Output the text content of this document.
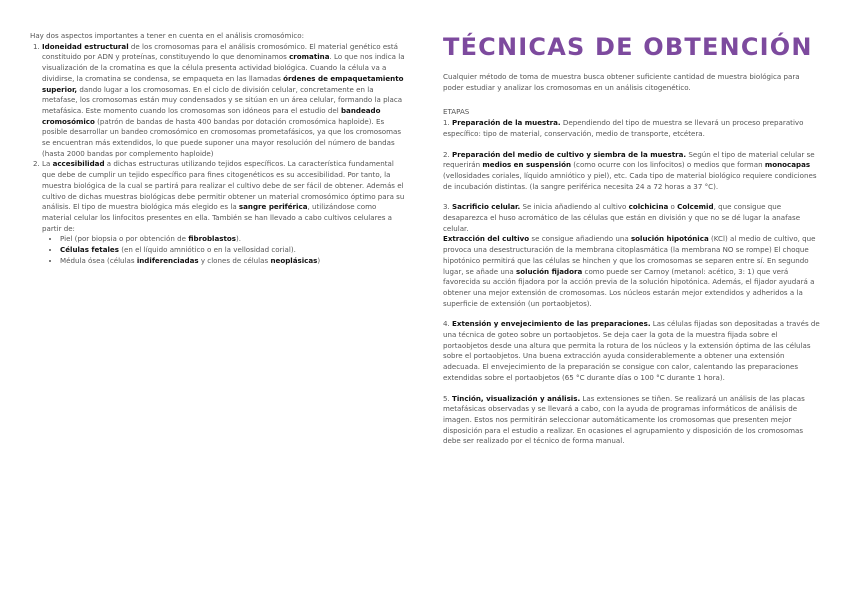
Hay dos aspectos importantes a tener en cuenta en el análisis cromosómico:

1. Idoneidad estructural de los cromosomas para el análisis cromosómico. El material genético está constituido por ADN y proteínas, constituyendo lo que denominamos cromatina. Lo que nos indica la visualización de la cromatina es que la célula presenta actividad biológica. Cuando la célula va a dividirse, la cromatina se condensa, se empaqueta en las llamadas órdenes de empaquetamiento superior, dando lugar a los cromosomas. En el ciclo de división celular, concretamente en la metafase, los cromosomas están muy condensados y se sitúan en un área celular, formando la placa metafásica. Este momento cuando los cromosomas son idóneos para el estudio del bandeado cromosómico (patrón de bandas de hasta 400 bandas por dotación cromosómica haploide). Es posible desarrollar un bandeo cromosómico en cromosomas prometafásicos, ya que los cromosomas se encuentran más extendidos, lo que puede suponer una mayor resolución del número de bandas (hasta 2000 bandas por complemento haploide)
2. La accesibilidad a dichas estructuras utilizando tejidos específicos. La característica fundamental que debe de cumplir un tejido específico para fines citogenéticos es su accesibilidad. Por tanto, la muestra biológica de la cual se partirá para realizar el cultivo debe de ser fácil de obtener. Además el cultivo de dichas muestras biológicas debe permitir obtener un material cromosómico óptimo para su análisis. El tipo de muestra biológica más elegido es la sangre periférica, utilizándose como material celular los linfocitos presentes en ella. También se han llevado a cabo cultivos celulares a partir de:
• Piel (por biopsia o por obtención de fibroblastos).
• Células fetales (en el líquido amniótico o en la vellosidad corial).
• Médula ósea (células indiferenciadas y clones de células neoplásicas)
TÉCNICAS DE OBTENCIÓN

Cualquier método de toma de muestra busca obtener suficiente cantidad de muestra biológica para poder estudiar y analizar los cromosomas en un análisis citogenético.

ETAPAS

1. Preparación de la muestra. Dependiendo del tipo de muestra se llevará un proceso preparativo específico: tipo de material, conservación, medio de transporte, etcétera.

2. Preparación del medio de cultivo y siembra de la muestra. Según el tipo de material celular se requerirán medios en suspensión (como ocurre con los linfocitos) o medios que forman monocapas (vellosidades coriales, líquido amniótico y piel), etc. Cada tipo de material biológico requiere condiciones de incubación distintas. (la sangre periférica necesita 24 a 72 horas a 37 °C).

3. Sacrificio celular. Se inicia añadiendo al cultivo colchicina o Colcemid, que consigue que desaparezca el huso acromático de las células que están en división y que no se dé lugar la anafase celular.

Extracción del cultivo se consigue añadiendo una solución hipotónica (KCl) al medio de cultivo, que provoca una desestructuración de la membrana citoplasmática (la membrana NO se rompe) El choque hipotónico permitirá que las células se hinchen y que los cromosomas se separen entre sí. En segundo lugar, se añade una solución fijadora como puede ser Carnoy (metanol: acético, 3: 1) que verá favorecida su acción fijadora por la acción previa de la solución hipotónica. Además, el fijador ayudará a obtener una mejor extensión de cromosomas. Los núcleos estarán mejor extendidos y adheridos a la superficie de extensión (un portaobjetos).

4. Extensión y envejecimiento de las preparaciones. Las células fijadas son depositadas a través de una técnica de goteo sobre un portaobjetos. Se deja caer la gota de la muestra fijada sobre el portaobjetos desde una altura que permita la rotura de los núcleos y la extensión óptima de las células sobre el portaobjetos. Una buena extracción ayuda considerablemente a obtener una extensión adecuada. El envejecimiento de la preparación se consigue con calor, calentando las preparaciones extendidas sobre el portaobjetos (65 °C durante días o 100 °C durante 1 hora).

5. Tinción, visualización y análisis. Las extensiones se tiñen. Se realizará un análisis de las placas metafásicas observadas y se llevará a cabo, con la ayuda de programas informáticos de análisis de imagen. Estos nos permitirán seleccionar automáticamente los cromosomas que presenten mejor disposición para el estudio a realizar. En ocasiones el agrupamiento y disposición de los cromosomas debe ser realizado por el técnico de forma manual.
